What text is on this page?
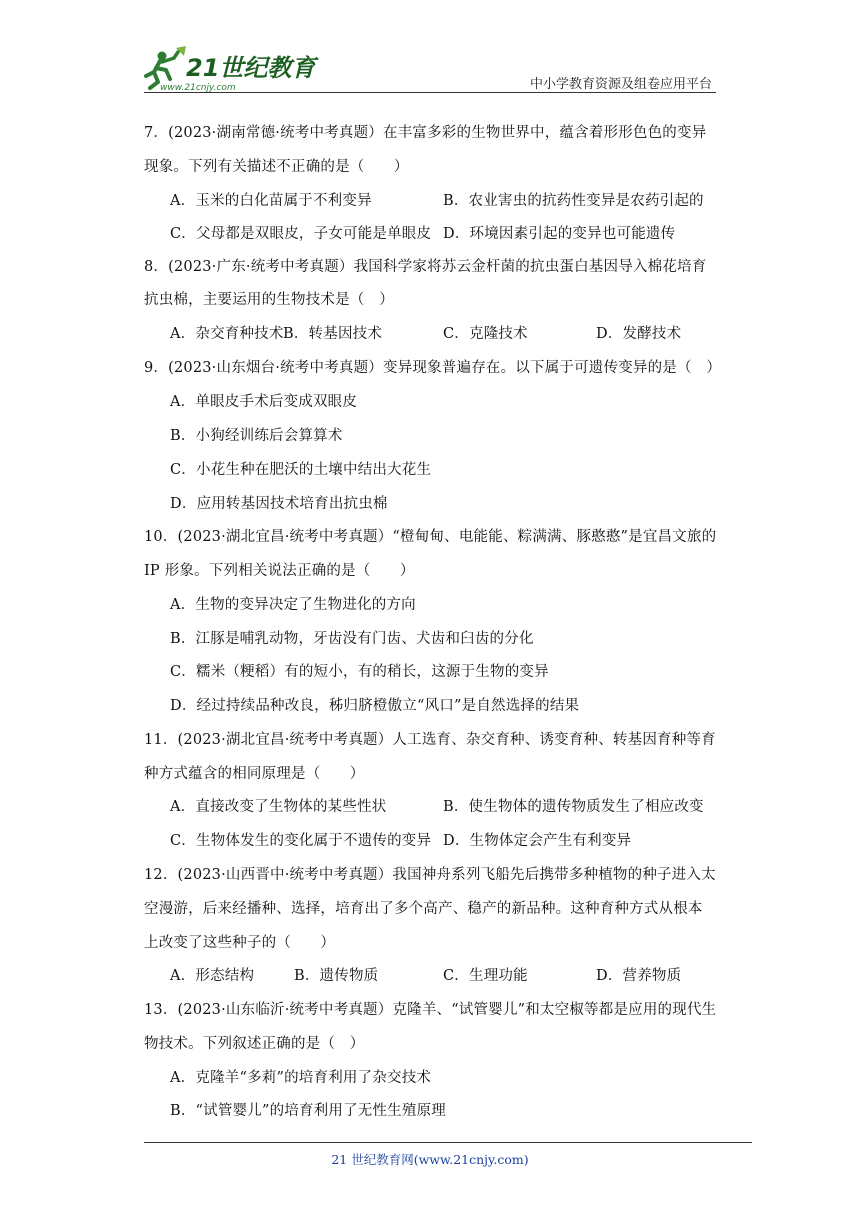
21世纪教育
www.21cnjy.com	中小学教育资源及组卷应用平台
7．(2023·湖南常德·统考中考真题）在丰富多彩的生物世界中，蕴含着形形色色的变异
现象。下列有关描述不正确的是（　　）
A．玉米的白化苗属于不利变异	B．农业害虫的抗药性变异是农药引起的
C．父母都是双眼皮，子女可能是单眼皮 D．环境因素引起的变异也可能遗传
8．(2023·广东·统考中考真题）我国科学家将苏云金杆菌的抗虫蛋白基因导入棉花培育
抗虫棉，主要运用的生物技术是（　）
A．杂交育种技术 B．转基因技术	C．克隆技术	D．发酵技术
9．(2023·山东烟台·统考中考真题）变异现象普遍存在。以下属于可遗传变异的是（　）
A．单眼皮手术后变成双眼皮
B．小狗经训练后会算算术
C．小花生种在肥沃的土壤中结出大花生
D．应用转基因技术培育出抗虫棉
10．(2023·湖北宜昌·统考中考真题）“橙甸甸、电能能、粽满满、豚憨憨”是宜昌文旅的
IP 形象。下列相关说法正确的是（　　）
A．生物的变异决定了生物进化的方向
B．江豚是哺乳动物，牙齿没有门齿、犬齿和臼齿的分化
C．糯米（粳稻）有的短小，有的稍长，这源于生物的变异
D．经过持续品种改良，秭归脐橙傲立“风口”是自然选择的结果
11．(2023·湖北宜昌·统考中考真题）人工选育、杂交育种、诱变育种、转基因育种等育
种方式蕴含的相同原理是（　　）
A．直接改变了生物体的某些性状	B．使生物体的遗传物质发生了相应改变
C．生物体发生的变化属于不遗传的变异 D．生物体定会产生有利变异
12．(2023·山西晋中·统考中考真题）我国神舟系列飞船先后携带多种植物的种子进入太
空漫游，后来经播种、选择，培育出了多个高产、稳产的新品种。这种育种方式从根本
上改变了这些种子的（　　）
A．形态结构	B．遗传物质	C．生理功能	D．营养物质
13．(2023·山东临沂·统考中考真题）克隆羊、“试管婴儿”和太空椒等都是应用的现代生
物技术。下列叙述正确的是（　）
A．克隆羊“多莉”的培育利用了杂交技术
B．“试管婴儿”的培育利用了无性生殖原理
21 世纪教育网(www.21cnjy.com)
